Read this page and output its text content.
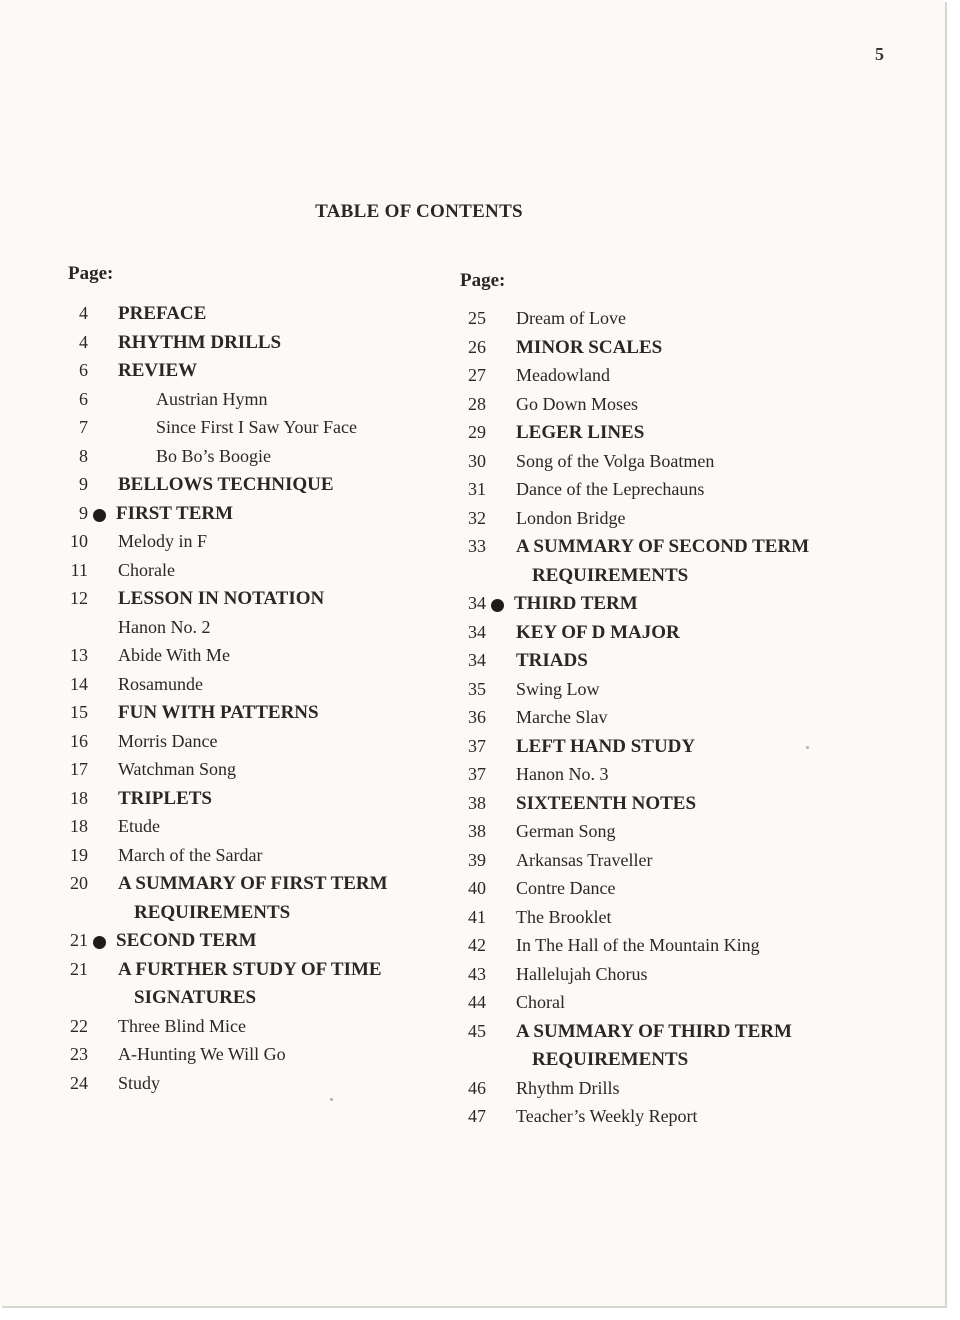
5
TABLE OF CONTENTS
Page:	Page:
4 PREFACE
4 RHYTHM DRILLS
6 REVIEW
6	Austrian Hymn
7	Since First I Saw Your Face
8	Bo Bo’s Boogie
9 BELLOWS TECHNIQUE
9 FIRST TERM
10 Melody in F
11 Chorale
12 LESSON IN NOTATION
Hanon No. 2
13 Abide With Me
14 Rosamunde
15 FUN WITH PATTERNS
16 Morris Dance
17 Watchman Song
18 TRIPLETS
18 Etude
19 March of the Sardar
20 A SUMMARY OF FIRST TERM
REQUIREMENTS
21 SECOND TERM
21 A FURTHER STUDY OF TIME
SIGNATURES
22 Three Blind Mice
23 A-Hunting We Will Go
24 Study
25 Dream of Love
26 MINOR SCALES
27 Meadowland
28 Go Down Moses
29 LEGER LINES
30 Song of the Volga Boatmen
31 Dance of the Leprechauns
32 London Bridge
33 A SUMMARY OF SECOND TERM
REQUIREMENTS
34 THIRD TERM
34 KEY OF D MAJOR
34 TRIADS
35 Swing Low
36 Marche Slav
37 LEFT HAND STUDY
37 Hanon No. 3
38 SIXTEENTH NOTES
38 German Song
39 Arkansas Traveller
40 Contre Dance
41 The Brooklet
42 In The Hall of the Mountain King
43 Hallelujah Chorus
44 Choral
45 A SUMMARY OF THIRD TERM
REQUIREMENTS
46 Rhythm Drills
47 Teacher’s Weekly Report
